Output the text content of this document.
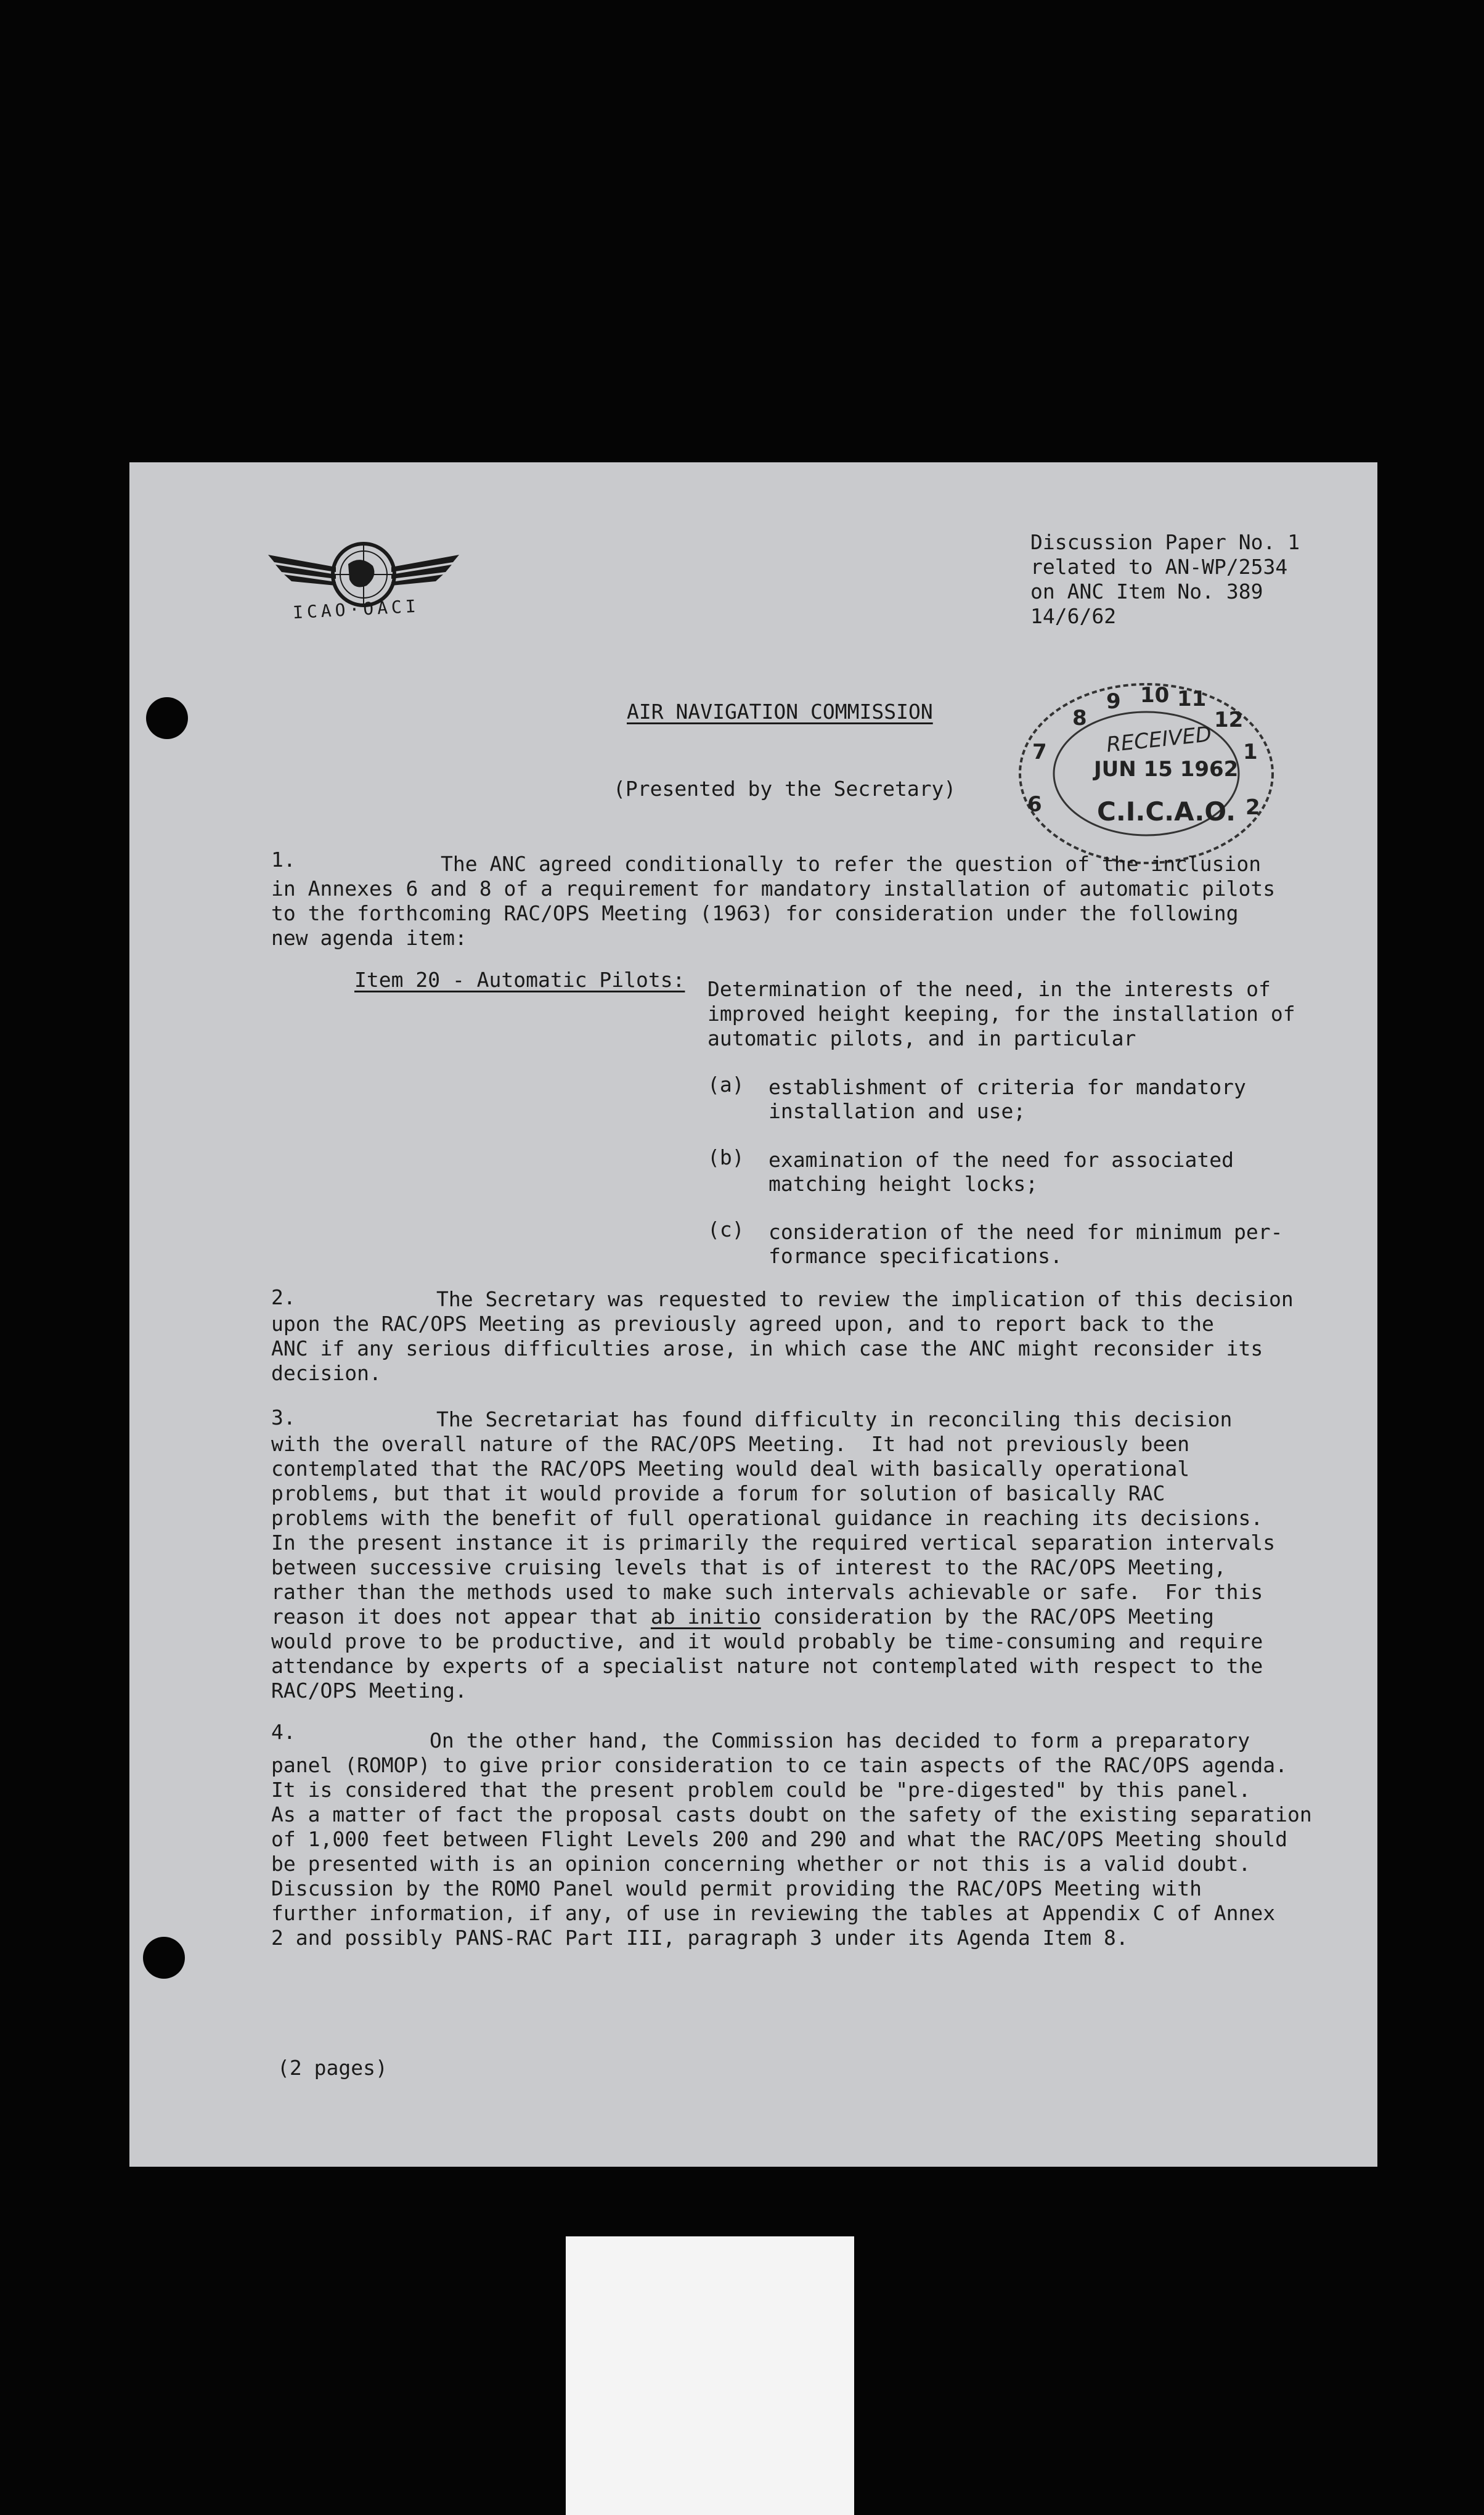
ICAO·OACI
Discussion Paper No. 1
related to AN-WP/2534
on ANC Item No. 389
14/6/62
RECEIVED
JUN 15 1962
C.I.C.A.O.
9 10 11
12
1
2
8
7
6
AIR NAVIGATION COMMISSION
(Presented by the Secretary)
1.	The ANC agreed conditionally to refer the question of the inclusion
in Annexes 6 and 8 of a requirement for mandatory installation of automatic pilots
to the forthcoming RAC/OPS Meeting (1963) for consideration under the following
new agenda item:
Item 20 - Automatic Pilots: Determination of the need, in the interests of
improved height keeping, for the installation of
automatic pilots, and in particular
(a) establishment of criteria for mandatory
installation and use;
(b) examination of the need for associated
matching height locks;
(c) consideration of the need for minimum per-
formance specifications.
2.	The Secretary was requested to review the implication of this decision
upon the RAC/OPS Meeting as previously agreed upon, and to report back to the
ANC if any serious difficulties arose, in which case the ANC might reconsider its
decision.
3.	The Secretariat has found difficulty in reconciling this decision
with the overall nature of the RAC/OPS Meeting.  It had not previously been
contemplated that the RAC/OPS Meeting would deal with basically operational
problems, but that it would provide a forum for solution of basically RAC
problems with the benefit of full operational guidance in reaching its decisions.
In the present instance it is primarily the required vertical separation intervals
between successive cruising levels that is of interest to the RAC/OPS Meeting,
rather than the methods used to make such intervals achievable or safe.  For this
reason it does not appear that ab initio consideration by the RAC/OPS Meeting
would prove to be productive, and it would probably be time-consuming and require
attendance by experts of a specialist nature not contemplated with respect to the
RAC/OPS Meeting.
4.	On the other hand, the Commission has decided to form a preparatory
panel (ROMOP) to give prior consideration to ce tain aspects of the RAC/OPS agenda.
It is considered that the present problem could be "pre-digested" by this panel.
As a matter of fact the proposal casts doubt on the safety of the existing separation
of 1,000 feet between Flight Levels 200 and 290 and what the RAC/OPS Meeting should
be presented with is an opinion concerning whether or not this is a valid doubt.
Discussion by the ROMO Panel would permit providing the RAC/OPS Meeting with
further information, if any, of use in reviewing the tables at Appendix C of Annex
2 and possibly PANS-RAC Part III, paragraph 3 under its Agenda Item 8.
(2 pages)
